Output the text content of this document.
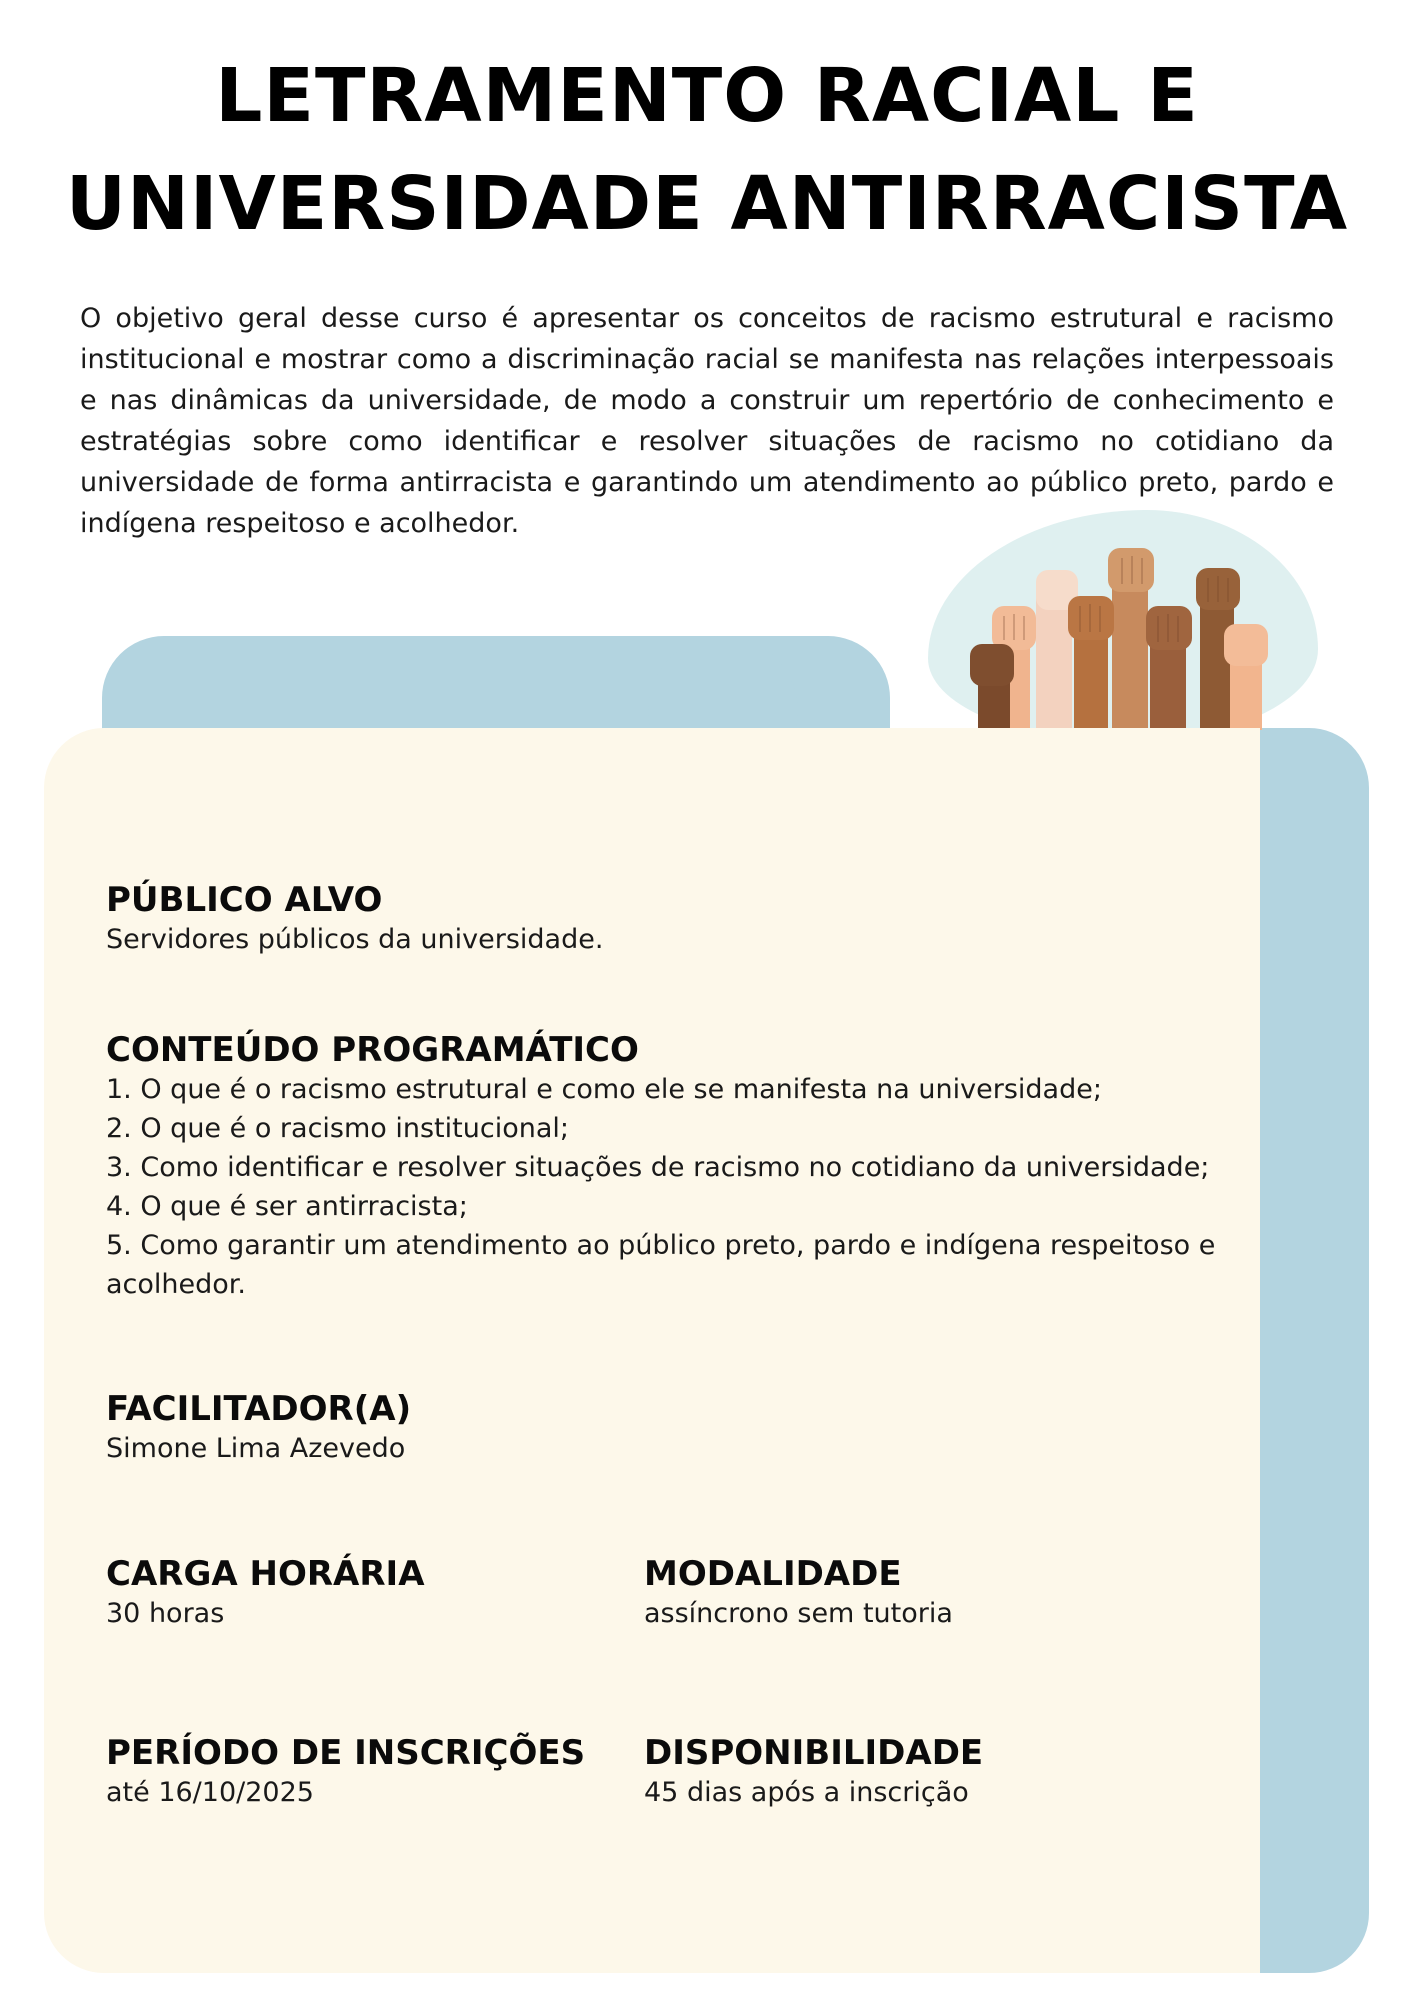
LETRAMENTO RACIAL E
UNIVERSIDADE ANTIRRACISTA

O objetivo geral desse curso é apresentar os conceitos de racismo estrutural e racismo institucional e mostrar como a discriminação racial se manifesta nas relações interpessoais e nas dinâmicas da universidade, de modo a construir um repertório de conhecimento e estratégias sobre como identificar e resolver situações de racismo no cotidiano da universidade de forma antirracista e garantindo um atendimento ao público preto, pardo e indígena respeitoso e acolhedor.

PÚBLICO ALVO

Servidores públicos da universidade.

CONTEÚDO PROGRAMÁTICO
1. O que é o racismo estrutural e como ele se manifesta na universidade;
2. O que é o racismo institucional;
3. Como identificar e resolver situações de racismo no cotidiano da universidade;
4. O que é ser antirracista;
5. Como garantir um atendimento ao público preto, pardo e indígena respeitoso e acolhedor.
FACILITADOR(A)

Simone Lima Azevedo

CARGA HORÁRIA

30 horas

MODALIDADE

assíncrono sem tutoria

PERÍODO DE INSCRIÇÕES

até 16/10/2025

DISPONIBILIDADE

45 dias após a inscrição
